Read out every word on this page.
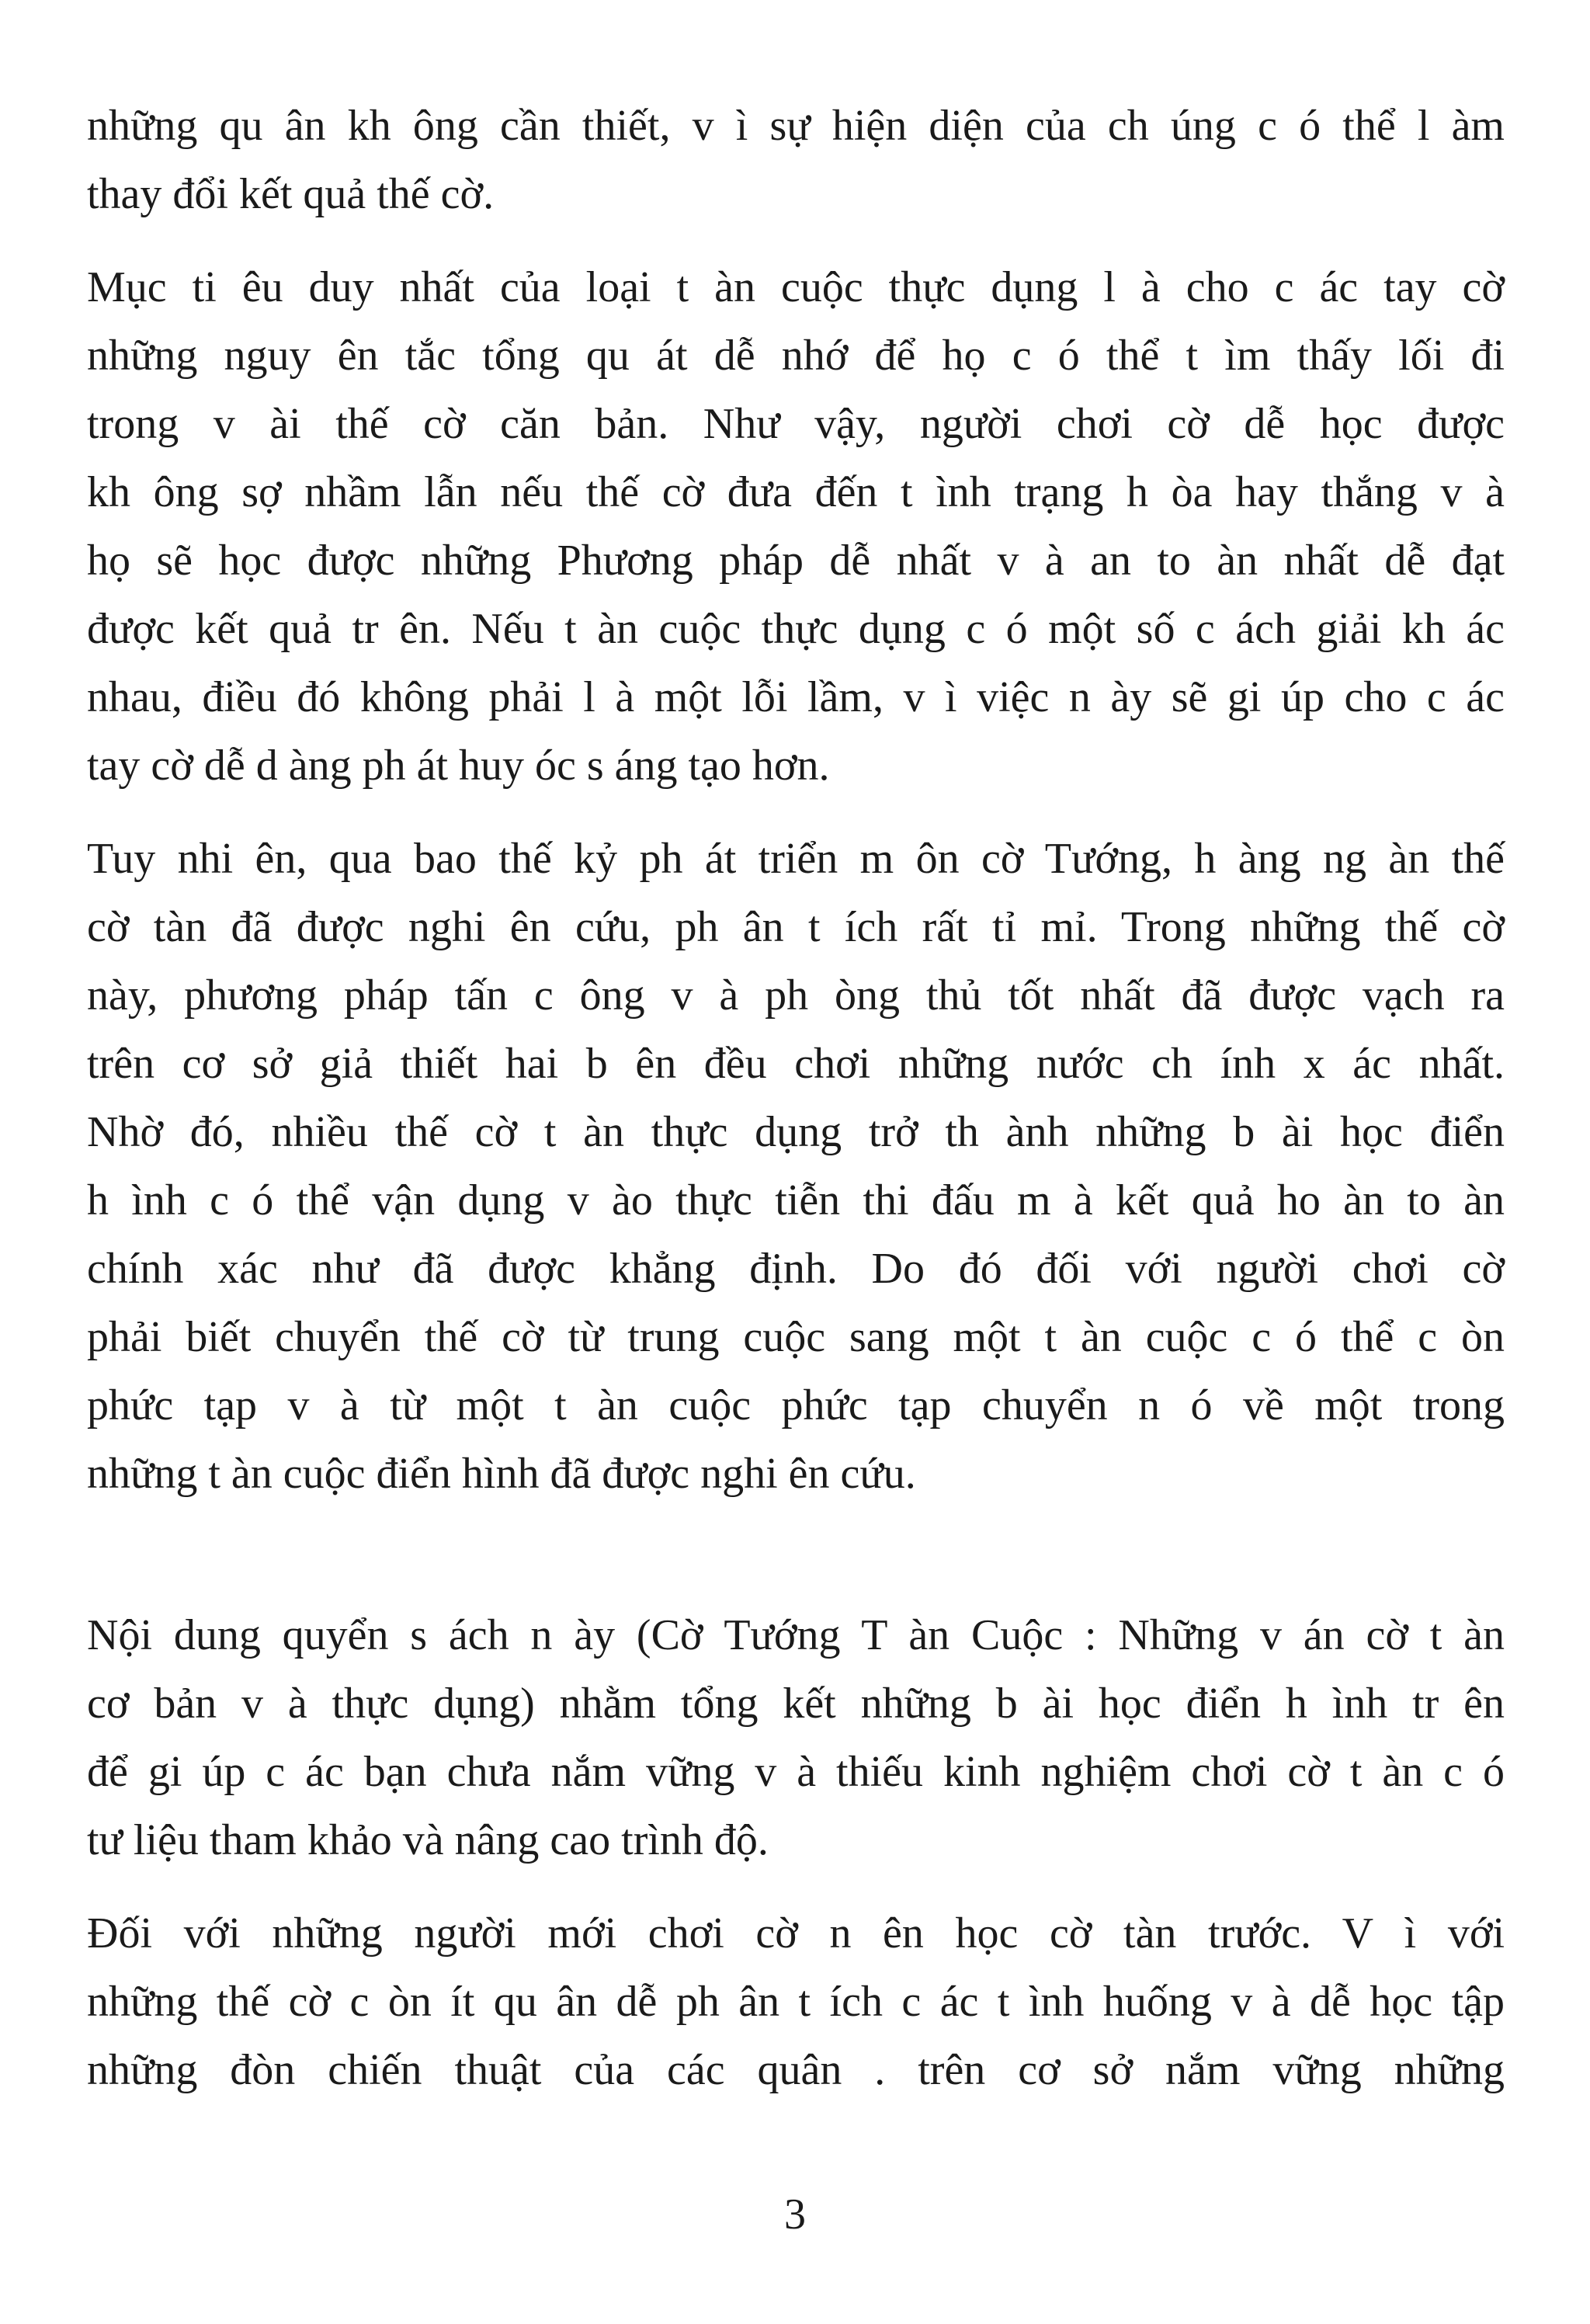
những qu ân kh ông cần thiết, v ì sự hiện diện của ch úng c ó thể l àm
thay đổi kết quả thế cờ.

Mục ti êu duy nhất của loại t àn cuộc thực dụng l à cho c ác tay cờ
những nguy ên tắc tổng qu át dễ nhớ để họ c ó thể t ìm thấy lối đi
trong v ài thế cờ căn bản. Như vậy, người chơi cờ dễ học được
kh ông sợ nhầm lẫn nếu thế cờ đưa đến t ình trạng h òa hay thắng v à
họ sẽ học được những Phương pháp dễ nhất v à an to àn nhất dễ đạt
được kết quả tr ên. Nếu t àn cuộc thực dụng c ó một số c ách giải kh ác
nhau, điều đó không phải l à một lỗi lầm, v ì việc n ày sẽ gi úp cho c ác
tay cờ dễ d àng ph át huy óc s áng tạo hơn.

Tuy nhi ên, qua bao thế kỷ ph át triển m ôn cờ Tướng, h àng ng àn thế
cờ tàn đã được nghi ên cứu, ph ân t ích rất tỉ mỉ. Trong những thế cờ
này, phương pháp tấn c ông v à ph òng thủ tốt nhất đã được vạch ra
trên cơ sở giả thiết hai b ên đều chơi những nước ch ính x ác nhất.
Nhờ đó, nhiều thế cờ t àn thực dụng trở th ành những b ài học điển
h ình c ó thể vận dụng v ào thực tiễn thi đấu m à kết quả ho àn to àn
chính xác như đã được khẳng định. Do đó đối với người chơi cờ
phải biết chuyển thế cờ từ trung cuộc sang một t àn cuộc c ó thể c òn
phức tạp v à từ một t àn cuộc phức tạp chuyển n ó về một trong
những t àn cuộc điển hình đã được nghi ên cứu.

Nội dung quyển s ách n ày (Cờ Tướng T àn Cuộc : Những v án cờ t àn
cơ bản v à thực dụng) nhằm tổng kết những b ài học điển h ình tr ên
để gi úp c ác bạn chưa nắm vững v à thiếu kinh nghiệm chơi cờ t àn c ó
tư liệu tham khảo và nâng cao trình độ.

Đối với những người mới chơi cờ n ên học cờ tàn trước. V ì với
những thế cờ c òn ít qu ân dễ ph ân t ích c ác t ình huống v à dễ học tập
những đòn chiến thuật của các quân . trên cơ sở nắm vững những

3
